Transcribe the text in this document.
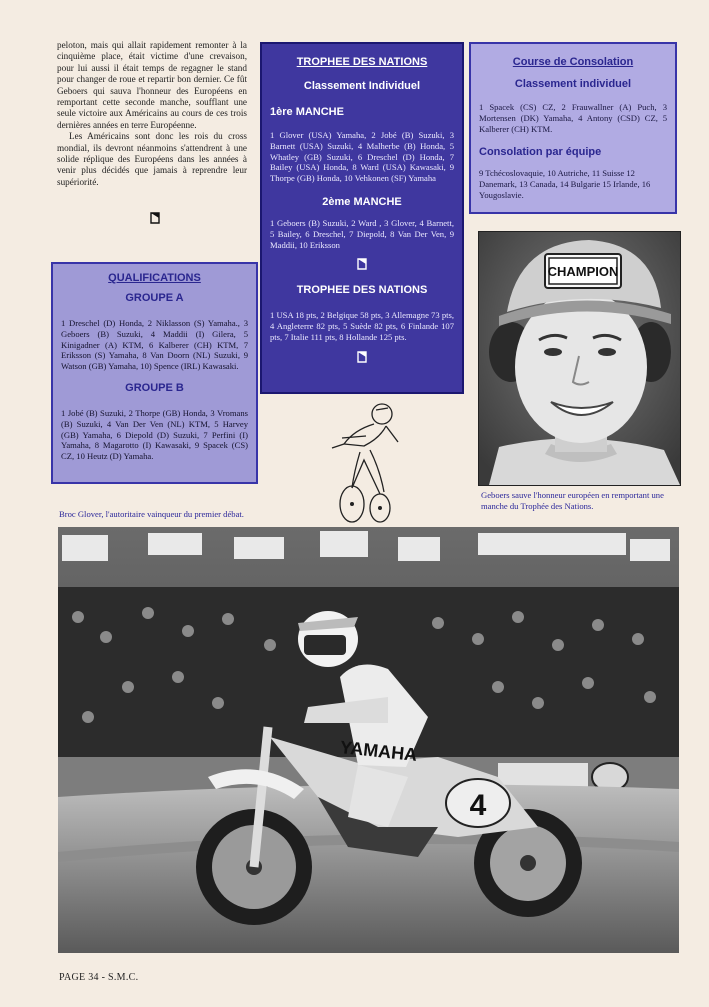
peloton, mais qui allait rapidement remonter à la cinquième place, était victime d'une crevaison, pour lui aussi il était temps de regagner le stand pour changer de roue et repartir bon dernier. Ce fût Geboers qui sauva l'honneur des Européens en remportant cette seconde manche, soufflant une seule victoire aux Américains au cours de ces trois dernières années en terre Européenne.

Les Américains sont donc les rois du cross mondial, ils devront néanmoins s'attendrent à une solide réplique des Européens dans les années à venir plus décidés que jamais à reprendre leur supériorité.

QUALIFICATIONS
GROUPE A

1 Dreschel (D) Honda, 2 Niklasson (S) Yamaha., 3 Geboers (B) Suzuki, 4 Maddii (I) Gilera, 5 Kinigadner (A) KTM, 6 Kalberer (CH) KTM, 7 Eriksson (S) Yamaha, 8 Van Doorn (NL) Suzuki, 9 Watson (GB) Yamaha, 10) Spence (IRL) Kawasaki.

GROUPE B

1 Jobé (B) Suzuki, 2 Thorpe (GB) Honda, 3 Vromans (B) Suzuki, 4 Van Der Ven (NL) KTM, 5 Harvey (GB) Yamaha, 6 Diepold (D) Suzuki, 7 Perfini (I) Yamaha, 8 Magarotto (I) Kawasaki, 9 Spacek (CS) CZ, 10 Heutz (D) Yamaha.

TROPHEE DES NATIONS
Classement Individuel
1ère MANCHE

1 Glover (USA) Yamaha, 2 Jobé (B) Suzuki, 3 Barnett (USA) Suzuki, 4 Malherbe (B) Honda, 5 Whatley (GB) Suzuki, 6 Dreschel (D) Honda, 7 Bailey (USA) Honda, 8 Ward (USA) Kawasaki, 9 Thorpe (GB) Honda, 10 Vehkonen (SF) Yamaha

2ème MANCHE

1 Geboers (B) Suzuki, 2 Ward , 3 Glover, 4 Barnett, 5 Bailey, 6 Dreschel, 7 Diepold, 8 Van Der Ven, 9 Maddii, 10 Eriksson

TROPHEE DES NATIONS

1 USA 18 pts, 2 Belgique 58 pts, 3 Allemagne 73 pts, 4 Angleterre 82 pts, 5 Suède 82 pts, 6 Finlande 107 pts, 7 Italie 111 pts, 8 Hollande 125 pts.

Course de Consolation
Classement individuel

1 Spacek (CS) CZ, 2 Frauwallner (A) Puch, 3 Mortensen (DK) Yamaha, 4 Antony (CSD) CZ, 5 Kalberer (CH) KTM.

Consolation par équipe

9 Tchécoslovaquie, 10 Autriche, 11 Suisse 12 Danemark, 13 Canada, 14 Bulgarie 15 Irlande, 16 Yougoslavie.

CHAMPION
Geboers sauve l'honneur européen en remportant une manche du Trophée des Nations.
Broc Glover, l'autoritaire vainqueur du premier débat.
4
YAMAHA
PAGE 34 - S.M.C.
